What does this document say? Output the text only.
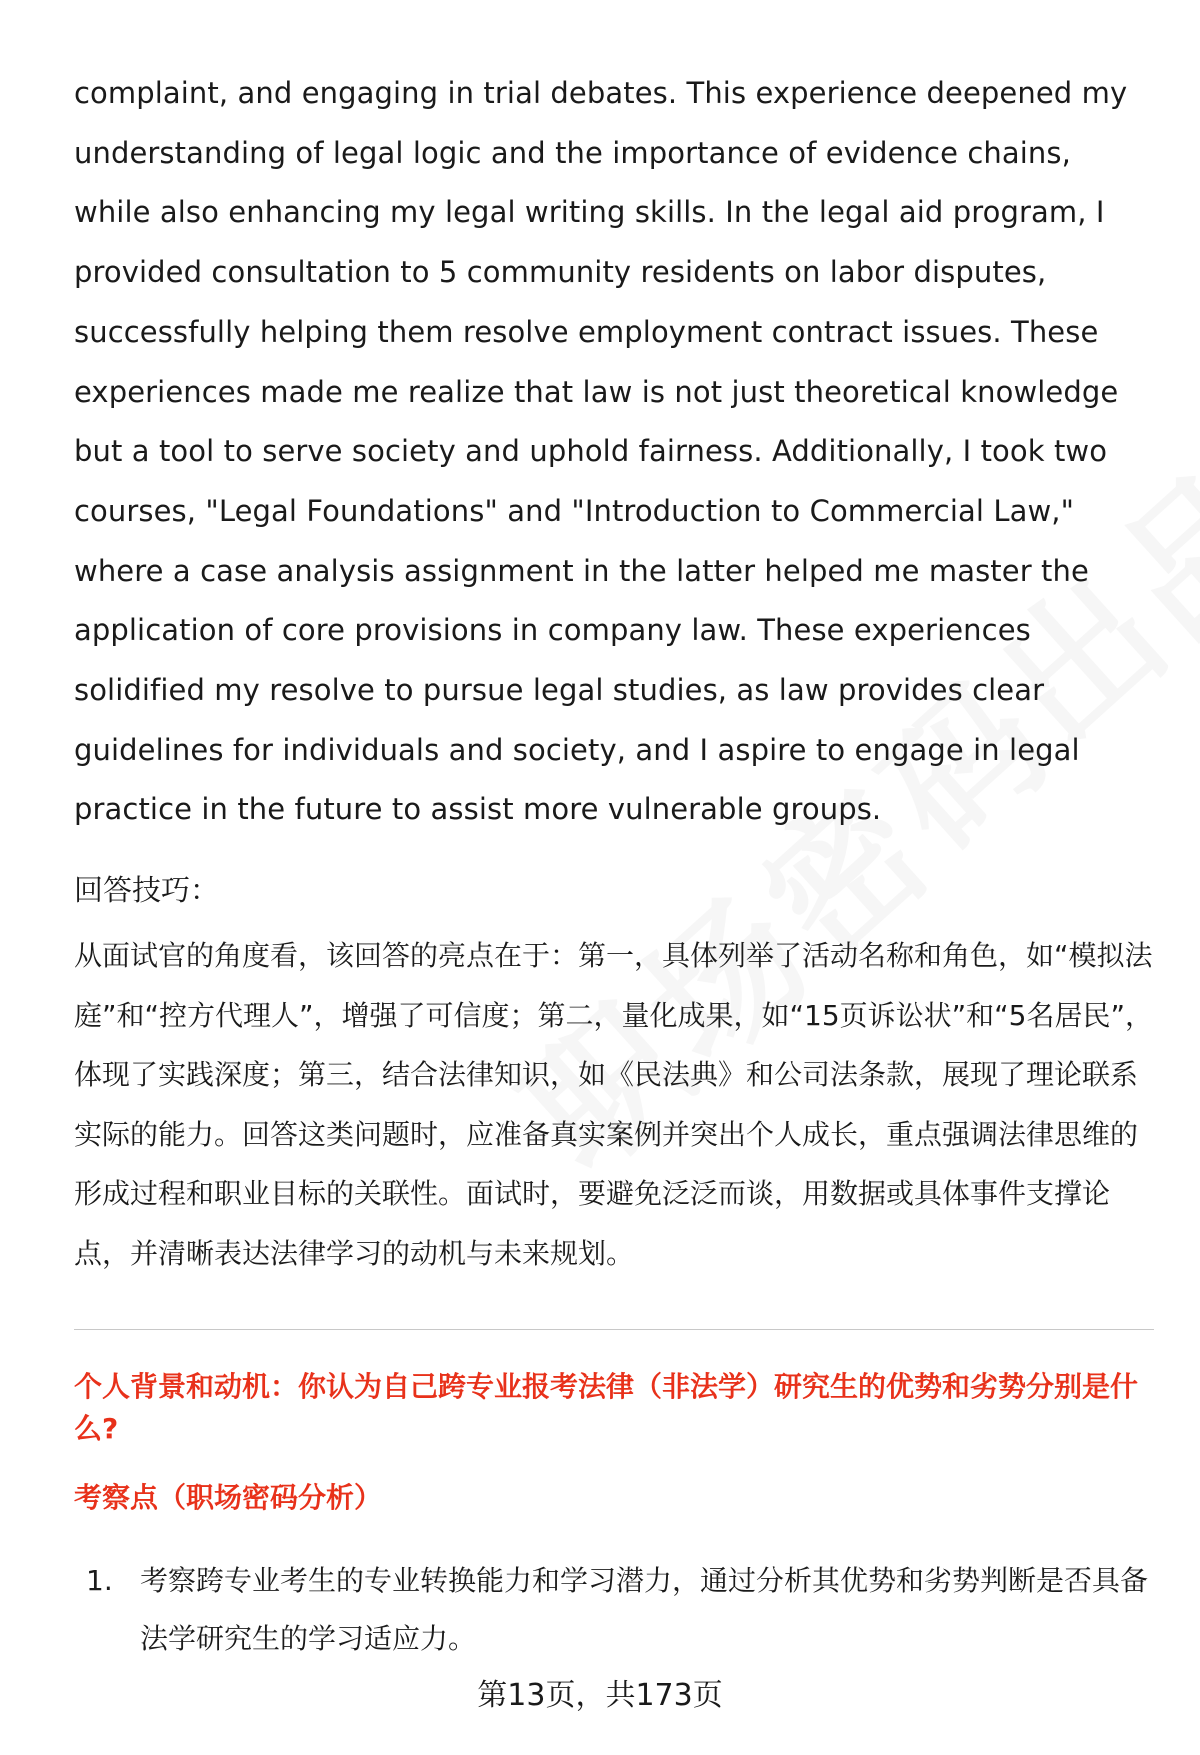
complaint, and engaging in trial debates. This experience deepened my understanding of legal logic and the importance of evidence chains, while also enhancing my legal writing skills. In the legal aid program, I provided consultation to 5 community residents on labor disputes, successfully helping them resolve employment contract issues. These experiences made me realize that law is not just theoretical knowledge but a tool to serve society and uphold fairness. Additionally, I took two courses, "Legal Foundations" and "Introduction to Commercial Law," where a case analysis assignment in the latter helped me master the application of core provisions in company law. These experiences solidified my resolve to pursue legal studies, as law provides clear guidelines for individuals and society, and I aspire to engage in legal practice in the future to assist more vulnerable groups.

回答技巧：

从面试官的角度看，该回答的亮点在于：第一，具体列举了活动名称和角色，如“模拟法庭”和“控方代理人”，增强了可信度；第二，量化成果，如“15页诉讼状”和“5名居民”，体现了实践深度；第三，结合法律知识，如《民法典》和公司法条款，展现了理论联系实际的能力。回答这类问题时，应准备真实案例并突出个人成长，重点强调法律思维的形成过程和职业目标的关联性。面试时，要避免泛泛而谈，用数据或具体事件支撑论点，并清晰表达法律学习的动机与未来规划。

个人背景和动机：你认为自己跨专业报考法律（非法学）研究生的优势和劣势分别是什么?

考察点（职场密码分析）

1. 考察跨专业考生的专业转换能力和学习潜力，通过分析其优势和劣势判断是否具备法学研究生的学习适应力。
第13页，共173页
